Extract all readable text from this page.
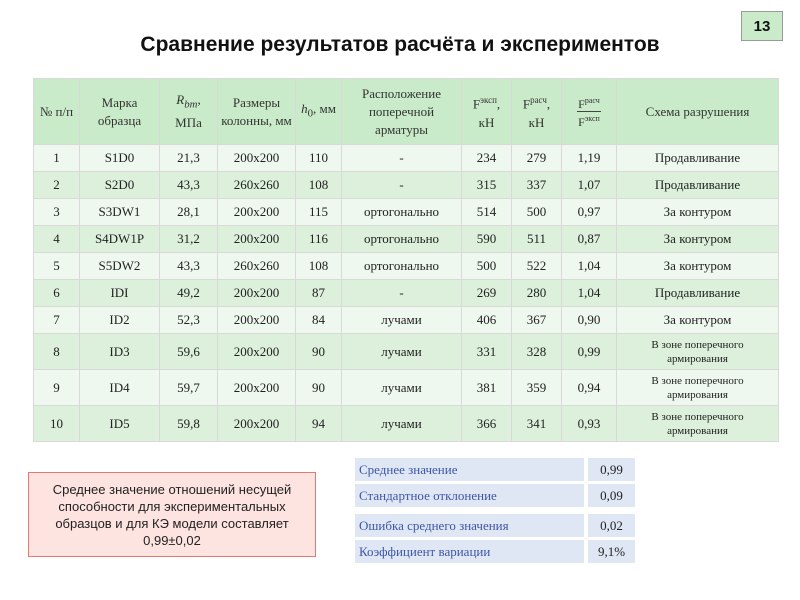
13
Сравнение результатов расчёта и экспериментов
№ п/п	Марка образца	$R_{bm}$, МПа	Размеры колонны, мм	$h_0$, мм	Расположение поперечной арматуры	$F^{эксп}$, кН	$F^{расч}$, кН	$\frac{F^{расч}}{F^{эксп}}$	Схема разрушения
1	S1D0	21,3	200x200	110	-	234	279	1,19	Продавливание
2	S2D0	43,3	260x260	108	-	315	337	1,07	Продавливание
3	S3DW1	28,1	200x200	115	ортогонально	514	500	0,97	За контуром
4	S4DW1P	31,2	200x200	116	ортогонально	590	511	0,87	За контуром
5	S5DW2	43,3	260x260	108	ортогонально	500	522	1,04	За контуром
6	IDI	49,2	200x200	87	-	269	280	1,04	Продавливание
7	ID2	52,3	200x200	84	лучами	406	367	0,90	За контуром
8	ID3	59,6	200x200	90	лучами	331	328	0,99	В зоне поперечного армирования
9	ID4	59,7	200x200	90	лучами	381	359	0,94	В зоне поперечного армирования
10	ID5	59,8	200x200	94	лучами	366	341	0,93	В зоне поперечного армирования
Среднее значение отношений несущей способности для экспериментальных образцов и для КЭ модели составляет 0,99±0,02
Среднее значение	0,99
Стандартное отклонение	0,09
Ошибка среднего значения	0,02
Коэффициент вариации	9,1%
